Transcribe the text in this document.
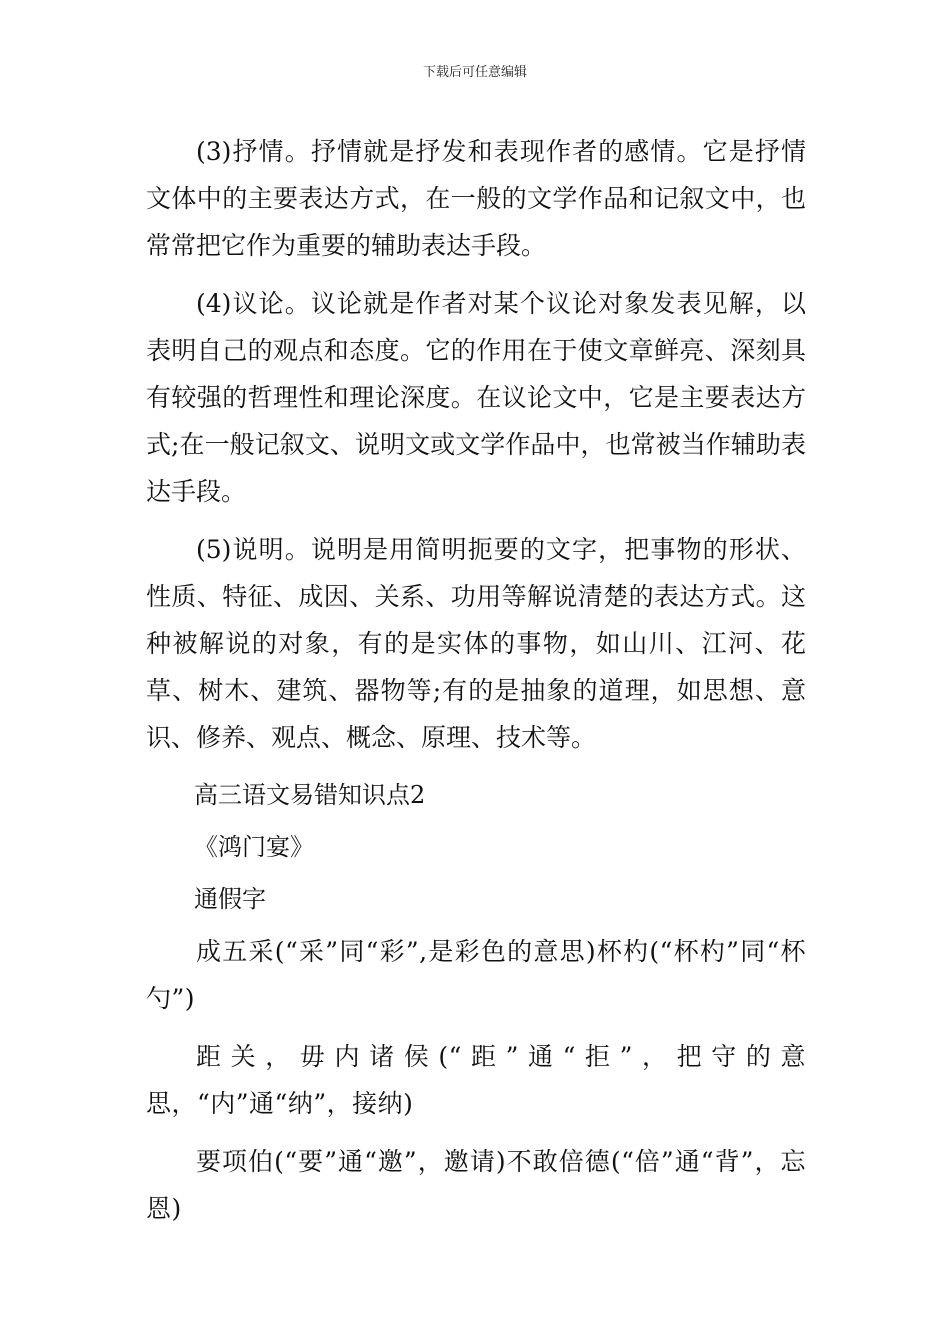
下载后可任意编辑

(3)抒情。抒情就是抒发和表现作者的感情。它是抒情文体中的主要表达方式，在一般的文学作品和记叙文中，也常常把它作为重要的辅助表达手段。

(4)议论。议论就是作者对某个议论对象发表见解，以表明自己的观点和态度。它的作用在于使文章鲜亮、深刻具有较强的哲理性和理论深度。在议论文中，它是主要表达方式;在一般记叙文、说明文或文学作品中，也常被当作辅助表达手段。

(5)说明。说明是用简明扼要的文字，把事物的形状、性质、特征、成因、关系、功用等解说清楚的表达方式。这种被解说的对象，有的是实体的事物，如山川、江河、花草、树木、建筑、器物等;有的是抽象的道理，如思想、意识、修养、观点、概念、原理、技术等。

高三语文易错知识点2
《鸿门宴》
通假字

成五采(“采”同“彩”,是彩色的意思)杯杓(“杯杓”同“杯勺”)

距关，毋内诸侯(“距”通“拒”，把守的意思，“内”通“纳”，接纳)

要项伯(“要”通“邀”，邀请)不敢倍德(“倍”通“背”，忘恩)
